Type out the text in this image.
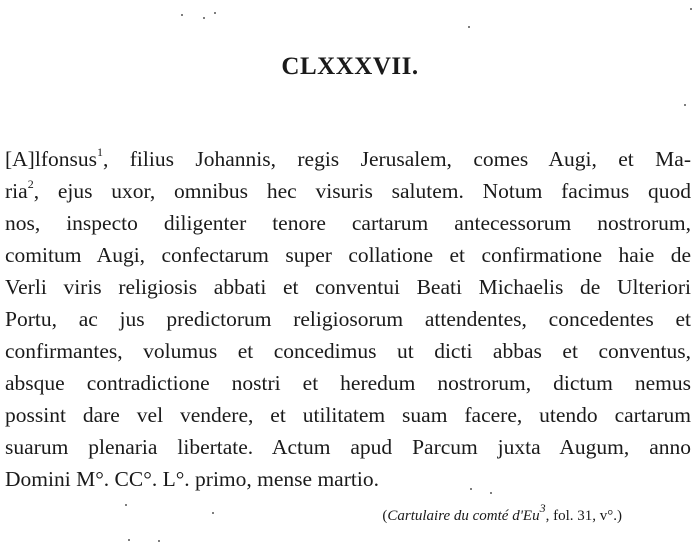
CLXXXVII.
[A]lfonsus$^1$, filius Johannis, regis Jerusalem, comes Augi, et Ma-
ria$^2$, ejus uxor, omnibus hec visuris salutem. Notum facimus quod
nos, inspecto diligenter tenore cartarum antecessorum nostrorum,
comitum Augi, confectarum super collatione et confirmatione haie de
Verli viris religiosis abbati et conventui Beati Michaelis de Ulteriori
Portu, ac jus predictorum religiosorum attendentes, concedentes et
confirmantes, volumus et concedimus ut dicti abbas et conventus,
absque contradictione nostri et heredum nostrorum, dictum nemus
possint dare vel vendere, et utilitatem suam facere, utendo cartarum
suarum plenaria libertate. Actum apud Parcum juxta Augum, anno
Domini M°. CC°. L°. primo, mense martio.
(Cartulaire du comté d'Eu$^3$, fol. 31, v°.)
